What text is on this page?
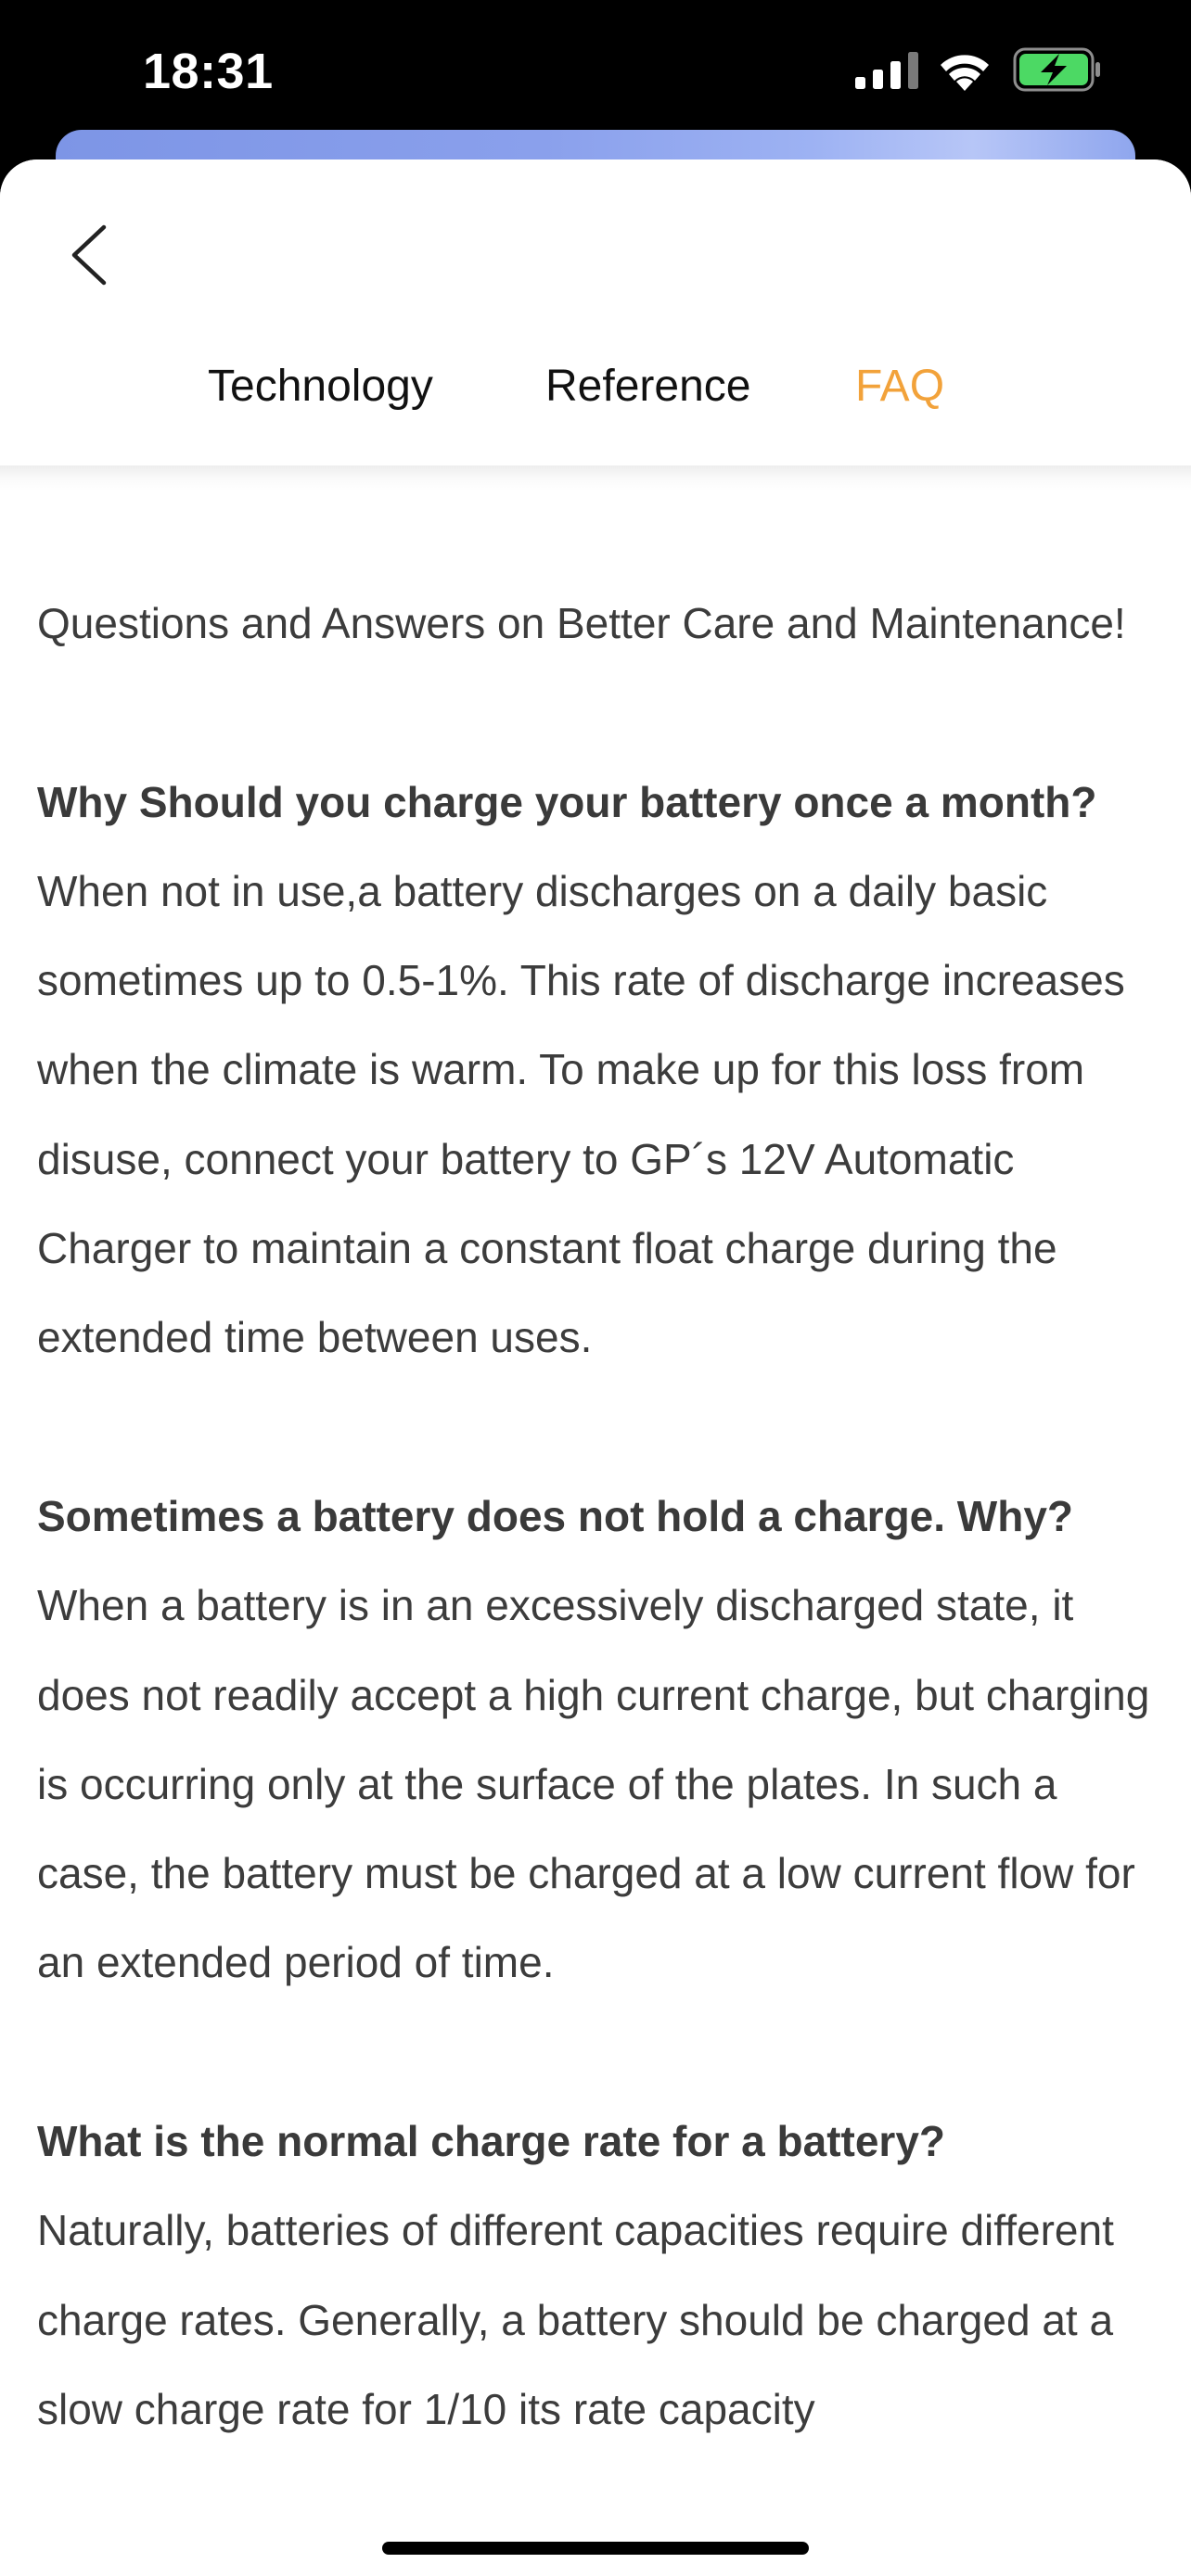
18:31
Technology	Reference FAQ

Questions and Answers on Better Care and Maintenance!

Why Should you charge your battery once a month?

When not in use,a battery discharges on a daily basic sometimes up to 0.5-1%. This rate of discharge increases when the climate is warm. To make up for this loss from disuse, connect your battery to GP´s 12V Automatic Charger to maintain a constant float charge during the extended time between uses.

Sometimes a battery does not hold a charge. Why?

When a battery is in an excessively discharged state, it does not readily accept a high current charge, but charging is occurring only at the surface of the plates. In such a case, the battery must be charged at a low current flow for an extended period of time.

What is the normal charge rate for a battery?

Naturally, batteries of different capacities require different charge rates. Generally, a battery should be charged at a slow charge rate for 1/10 its rate capacity
